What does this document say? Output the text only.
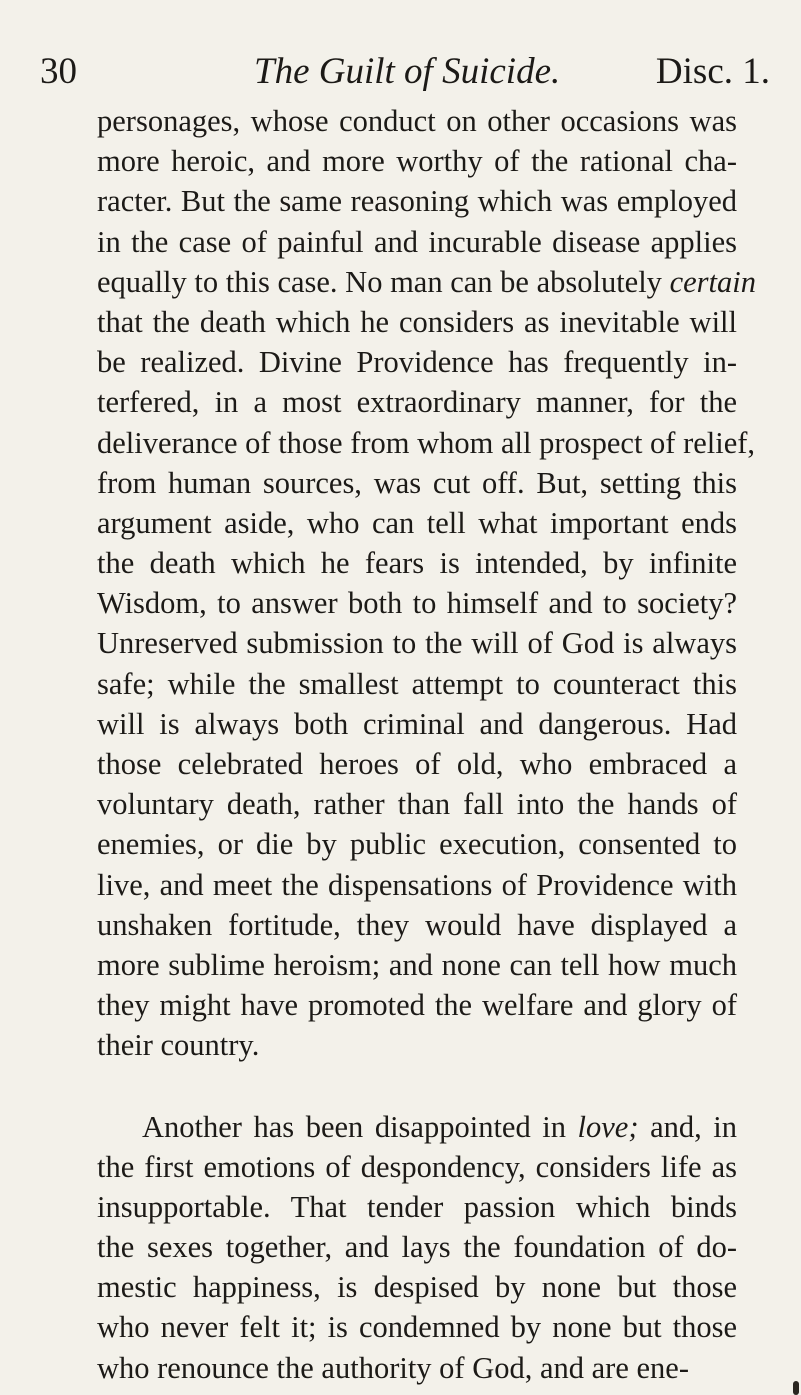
30	The Guilt of Suicide.	Disc. 1.
personages, whose conduct on other occasions was
more heroic, and more worthy of the rational cha-
racter. But the same reasoning which was employed
in the case of painful and incurable disease applies
equally to this case. No man can be absolutely certain
that the death which he considers as inevitable will
be realized. Divine Providence has frequently in-
terfered, in a most extraordinary manner, for the
deliverance of those from whom all prospect of relief,
from human sources, was cut off. But, setting this
argument aside, who can tell what important ends
the death which he fears is intended, by infinite
Wisdom, to answer both to himself and to society?
Unreserved submission to the will of God is always
safe; while the smallest attempt to counteract this
will is always both criminal and dangerous. Had
those celebrated heroes of old, who embraced a
voluntary death, rather than fall into the hands of
enemies, or die by public execution, consented to
live, and meet the dispensations of Providence with
unshaken fortitude, they would have displayed a
more sublime heroism; and none can tell how much
they might have promoted the welfare and glory of
their country.
Another has been disappointed in love; and, in
the first emotions of despondency, considers life as
insupportable. That tender passion which binds
the sexes together, and lays the foundation of do-
mestic happiness, is despised by none but those
who never felt it; is condemned by none but those
who renounce the authority of God, and are ene-
